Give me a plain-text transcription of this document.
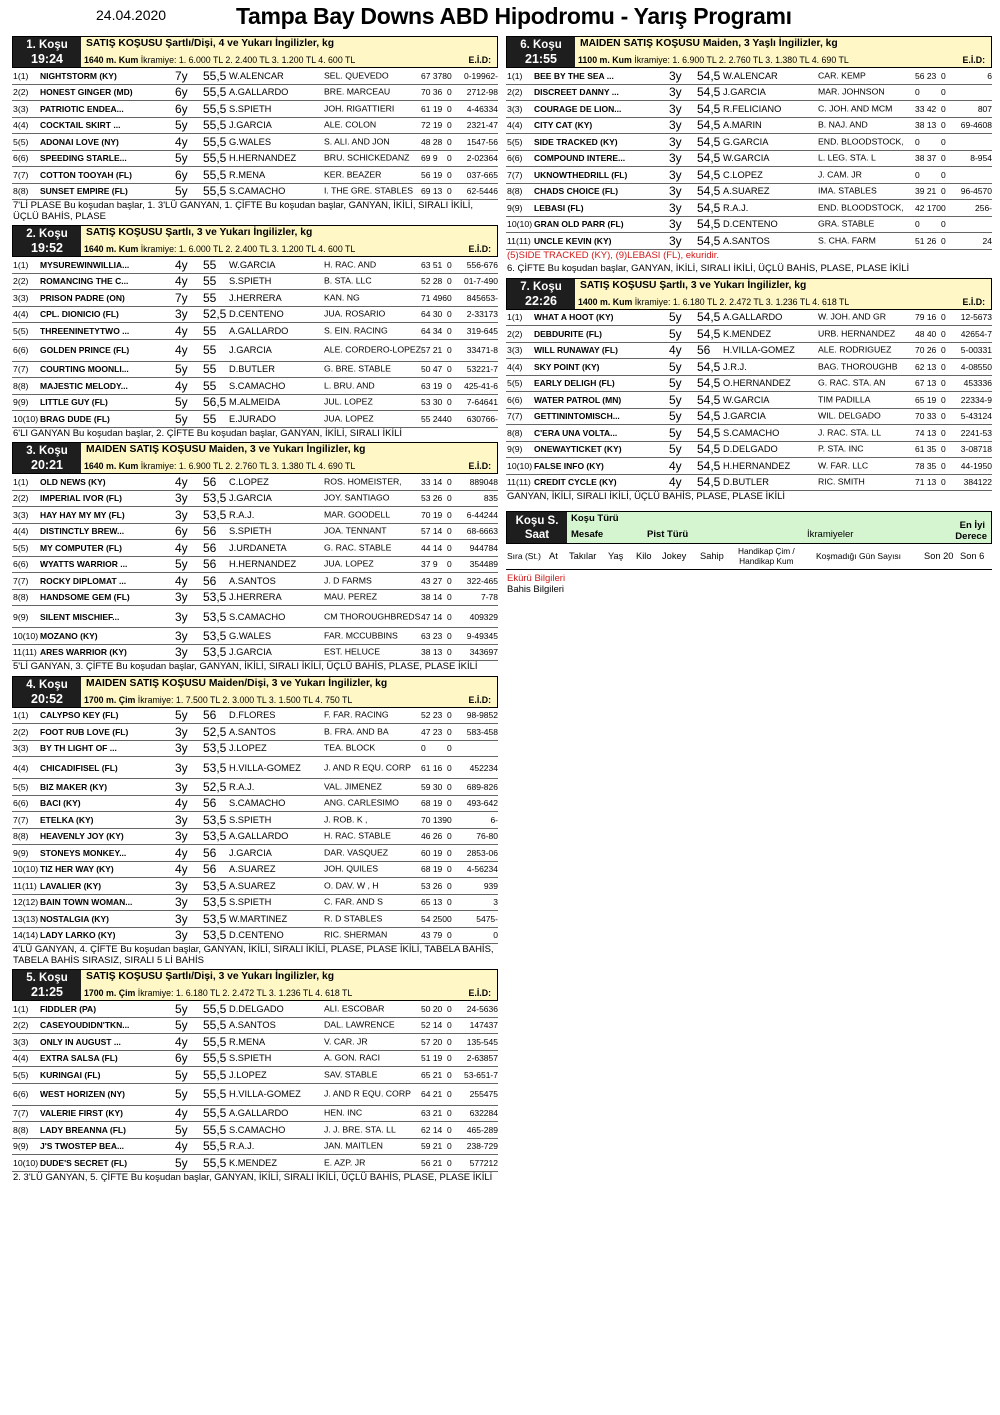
24.04.2020	Tampa Bay Downs ABD Hipodromu - Yarış Programı
1. Koşu
19:24
SATIŞ KOŞUSU Şartlı/Dişi, 4 ve Yukarı İngilizler, kg
1640 m. Kum İkramiye: 1. 6.000 TL 2. 2.400 TL 3. 1.200 TL 4. 600 TL	E.İ.D:
1(1) NIGHTSTORM (KY)	7y 55,5 W.ALENCAR	SEL. QUEVEDO	67 378 0	0-19962-
2(2) HONEST GINGER (MD)	6y 55,5 A.GALLARDO	BRE. MARCEAU	70 36 0	2712-98
3(3) PATRIOTIC ENDEA...	6y 55,5 S.SPIETH	JOH. RIGATTIERI	61 19 0	4-46334
4(4) COCKTAIL SKIRT ...	5y 55,5 J.GARCIA	ALE. COLON	72 19 0	2321-47
5(5) ADONAI LOVE (NY)	4y 55,5 G.WALES	S. ALI. AND JON	48 28 0	1547-56
6(6) SPEEDING STARLE...	5y 55,5 H.HERNANDEZ	BRU. SCHICKEDANZ	69 9	0	2-02364
7(7) COTTON TOOYAH (FL)	6y 55,5 R.MENA	KER. BEAZER	56 19 0	037-665
8(8) SUNSET EMPIRE (FL)	5y 55,5 S.CAMACHO	I. THE GRE. STABLES 69 13 0	62-5446
7'Lİ PLASE Bu koşudan başlar, 1. 3'LÜ GANYAN, 1. ÇİFTE Bu koşudan başlar, GANYAN, İKİLİ, SIRALI İKİLİ, ÜÇLÜ BAHİS, PLASE
2. Koşu
19:52
SATIŞ KOŞUSU Şartlı, 3 ve Yukarı İngilizler, kg
1640 m. Kum İkramiye: 1. 6.000 TL 2. 2.400 TL 3. 1.200 TL 4. 600 TL	E.İ.D:
1(1) MYSUREWINWILLIA...	4y 55 W.GARCIA	H. RAC. AND	63 51 0	556-676
2(2) ROMANCING THE C...	4y 55 S.SPIETH	B. STA. LLC	52 28 0	01-7-490
3(3) PRISON PADRE (ON)	7y 55 J.HERRERA	KAN. NG	71 496 0	845653-
4(4) CPL. DIONICIO (FL)	3y 52,5 D.CENTENO	JUA. ROSARIO	64 30 0	2-33173
5(5) THREENINETYTWO ...	4y 55 A.GALLARDO	S. EIN. RACING	64 34 0	319-645
6(6) GOLDEN PRINCE (FL)	4y 55 J.GARCIA	ALE. CORDERO-LOPEZ 57 21 0	33471-8
7(7) COURTING MOONLI...	5y 55 D.BUTLER	G. BRE. STABLE	50 47 0	53221-7
8(8) MAJESTIC MELODY...	4y 55 S.CAMACHO	L. BRU. AND	63 19 0	425-41-6
9(9) LITTLE GUY (FL)	5y 56,5 M.ALMEIDA	JUL. LOPEZ	53 30 0	7-64641
10(10) BRAG DUDE (FL)	5y 55 E.JURADO	JUA. LOPEZ	55 244 0	630766-
6'LI GANYAN Bu koşudan başlar, 2. ÇİFTE Bu koşudan başlar, GANYAN, İKİLİ, SIRALI İKİLİ
3. Koşu
20:21
MAIDEN SATIŞ KOŞUSU Maiden, 3 ve Yukarı İngilizler, kg
1640 m. Kum İkramiye: 1. 6.900 TL 2. 2.760 TL 3. 1.380 TL 4. 690 TL	E.İ.D:
1(1) OLD NEWS (KY)	4y 56 C.LOPEZ	ROS. HOMEISTER,	33 14 0	889048
2(2) IMPERIAL IVOR (FL)	3y 53,5 J.GARCIA	JOY. SANTIAGO	53 26 0	835
3(3) HAY HAY MY MY (FL)	3y 53,5 R.A.J.	MAR. GOODELL	70 19 0	6-44244
4(4) DISTINCTLY BREW...	6y 56 S.SPIETH	JOA. TENNANT	57 14 0	68-6663
5(5) MY COMPUTER (FL)	4y 56 J.URDANETA	G. RAC. STABLE	44 14 0	944784
6(6) WYATTS WARRIOR ...	5y 56 H.HERNANDEZ	JUA. LOPEZ	37 9	0	354489
7(7) ROCKY DIPLOMAT ...	4y 56 A.SANTOS	J. D FARMS	43 27 0	322-465
8(8) HANDSOME GEM (FL)	3y 53,5 J.HERRERA	MAU. PEREZ	38 14 0	7-78
9(9) SILENT MISCHIEF...	3y 53,5 S.CAMACHO	CM THOROUGHBREDS 47 14 0	409329
10(10) MOZANO (KY)	3y 53,5 G.WALES	FAR. MCCUBBINS	63 23 0	9-49345
11(11) ARES WARRIOR (KY)	3y 53,5 J.GARCIA	EST. HELUCE	38 13 0	343697
5'Lİ GANYAN, 3. ÇİFTE Bu koşudan başlar, GANYAN, İKİLİ, SIRALI İKİLİ, ÜÇLÜ BAHİS, PLASE, PLASE İKİLİ
4. Koşu
20:52
MAIDEN SATIŞ KOŞUSU Maiden/Dişi, 3 ve Yukarı İngilizler, kg
1700 m. Çim İkramiye: 1. 7.500 TL 2. 3.000 TL 3. 1.500 TL 4. 750 TL	E.İ.D:
1(1) CALYPSO KEY (FL)	5y 56 D.FLORES	F. FAR. RACING	52 23 0	98-9852
2(2) FOOT RUB LOVE (FL)	3y 52,5 A.SANTOS	B. FRA. AND BA	47 23 0	583-458
3(3) BY TH LIGHT OF ...	3y 53,5 J.LOPEZ	TEA. BLOCK	0	0
4(4) CHICADIFISEL (FL)	3y 53,5 H.VILLA-GOMEZ	J. AND R EQU. CORP	61 16 0	452234
5(5) BIZ MAKER (KY)	3y 52,5 R.A.J.	VAL. JIMENEZ	59 30 0	689-826
6(6) BACI (KY)	4y 56 S.CAMACHO	ANG. CARLESIMO	68 19 0	493-642
7(7) ETELKA (KY)	3y 53,5 S.SPIETH	J. ROB. K ,	70 139 0	6-
8(8) HEAVENLY JOY (KY)	3y 53,5 A.GALLARDO	H. RAC. STABLE	46 26 0	76-80
9(9) STONEYS MONKEY...	4y 56 J.GARCIA	DAR. VASQUEZ	60 19 0	2853-06
10(10) TIZ HER WAY (KY)	4y 56 A.SUAREZ	JOH. QUILES	68 19 0	4-56234
11(11) LAVALIER (KY)	3y 53,5 A.SUAREZ	O. DAV. W , H	53 26 0	939
12(12) BAIN TOWN WOMAN...	3y 53,5 S.SPIETH	C. FAR. AND S	65 13 0	3
13(13) NOSTALGIA (KY)	3y 53,5 W.MARTINEZ	R. D STABLES	54 250 0	5475-
14(14) LADY LARKO (KY)	3y 53,5 D.CENTENO	RIC. SHERMAN	43 79 0	0
4'LÜ GANYAN, 4. ÇİFTE Bu koşudan başlar, GANYAN, İKİLİ, SIRALI İKİLİ, PLASE, PLASE İKİLİ, TABELA BAHİS, TABELA BAHİS SIRASIZ, SIRALI 5 Lİ BAHİS
5. Koşu
21:25
SATIŞ KOŞUSU Şartlı/Dişi, 3 ve Yukarı İngilizler, kg
1700 m. Çim İkramiye: 1. 6.180 TL 2. 2.472 TL 3. 1.236 TL 4. 618 TL	E.İ.D:
1(1) FIDDLER (PA)	5y 55,5 D.DELGADO	ALI. ESCOBAR	50 20 0	24-5636
2(2) CASEYOUDIDN'TKN...	5y 55,5 A.SANTOS	DAL. LAWRENCE	52 14 0	147437
3(3) ONLY IN AUGUST ...	4y 55,5 R.MENA	V. CAR. JR	57 20 0	135-545
4(4) EXTRA SALSA (FL)	6y 55,5 S.SPIETH	A. GON. RACI	51 19 0	2-63857
5(5) KURINGAI (FL)	5y 55,5 J.LOPEZ	SAV. STABLE	65 21 0	53-651-7
6(6) WEST HORIZEN (NY)	5y 55,5 H.VILLA-GOMEZ	J. AND R EQU. CORP	64 21 0	255475
7(7) VALERIE FIRST (KY)	4y 55,5 A.GALLARDO	HEN. INC	63 21 0	632284
8(8) LADY BREANNA (FL)	5y 55,5 S.CAMACHO	J. J. BRE. STA. LL	62 14 0	465-289
9(9) J'S TWOSTEP BEA...	4y 55,5 R.A.J.	JAN. MAITLEN	59 21 0	238-729
10(10) DUDE'S SECRET (FL)	5y 55,5 K.MENDEZ	E. AZP. JR	56 21 0	577212
2. 3'LÜ GANYAN, 5. ÇİFTE Bu koşudan başlar, GANYAN, İKİLİ, SIRALI İKİLİ, ÜÇLÜ BAHİS, PLASE, PLASE İKİLİ
6. Koşu
21:55
MAIDEN SATIŞ KOŞUSU Maiden, 3 Yaşlı İngilizler, kg
1100 m. Kum İkramiye: 1. 6.900 TL 2. 2.760 TL 3. 1.380 TL 4. 690 TL	E.İ.D:
1(1) BEE BY THE SEA ...	3y 54,5 W.ALENCAR	CAR. KEMP	56 23 0	6
2(2) DISCREET DANNY ...	3y 54,5 J.GARCIA	MAR. JOHNSON	0	0
3(3) COURAGE DE LION...	3y 54,5 R.FELICIANO	C. JOH. AND MCM	33 42 0	807
4(4) CITY CAT (KY)	3y 54,5 A.MARIN	B. NAJ. AND	38 13 0	69-4608
5(5) SIDE TRACKED (KY)	3y 54,5 G.GARCIA	END. BLOODSTOCK,	0	0
6(6) COMPOUND INTERE...	3y 54,5 W.GARCIA	L. LEG. STA. L	38 37 0	8-954
7(7) UKNOWTHEDRILL (FL)	3y 54,5 C.LOPEZ	J. CAM. JR	0	0
8(8) CHADS CHOICE (FL)	3y 54,5 A.SUAREZ	IMA. STABLES	39 21 0	96-4570
9(9) LEBASI (FL)	3y 54,5 R.A.J.	END. BLOODSTOCK,	42 170 0	256-
10(10) GRAN OLD PARR (FL)	3y 54,5 D.CENTENO	GRA. STABLE	0	0
11(11) UNCLE KEVIN (KY)	3y 54,5 A.SANTOS	S. CHA. FARM	51 26 0	24
(5)SIDE TRACKED (KY), (9)LEBASI (FL), ekuridir.
6. ÇİFTE Bu koşudan başlar, GANYAN, İKİLİ, SIRALI İKİLİ, ÜÇLÜ BAHİS, PLASE, PLASE İKİLİ
7. Koşu
22:26
SATIŞ KOŞUSU Şartlı, 3 ve Yukarı İngilizler, kg
1400 m. Kum İkramiye: 1. 6.180 TL 2. 2.472 TL 3. 1.236 TL 4. 618 TL	E.İ.D:
1(1) WHAT A HOOT (KY)	5y 54,5 A.GALLARDO	W. JOH. AND GR	79 16 0	12-5673
2(2) DEBDURITE (FL)	5y 54,5 K.MENDEZ	URB. HERNANDEZ	48 40 0	42654-7
3(3) WILL RUNAWAY (FL)	4y 56 H.VILLA-GOMEZ	ALE. RODRIGUEZ	70 26 0	5-00331
4(4) SKY POINT (KY)	5y 54,5 J.R.J.	BAG. THOROUGHB	62 13 0	4-08550
5(5) EARLY DELIGH (FL)	5y 54,5 O.HERNANDEZ	G. RAC. STA. AN	67 13 0	453336
6(6) WATER PATROL (MN)	5y 54,5 W.GARCIA	TIM PADILLA	65 19 0	22334-9
7(7) GETTININTOMISCH...	5y 54,5 J.GARCIA	WIL. DELGADO	70 33 0	5-43124
8(8) C'ERA UNA VOLTA...	5y 54,5 S.CAMACHO	J. RAC. STA. LL	74 13 0	2241-53
9(9) ONEWAYTICKET (KY)	5y 54,5 D.DELGADO	P. STA. INC	61 35 0	3-08718
10(10) FALSE INFO (KY)	4y 54,5 H.HERNANDEZ	W. FAR. LLC	78 35 0	44-1950
11(11) CREDIT CYCLE (KY)	4y 54,5 D.BUTLER	RIC. SMITH	71 13 0	384122
GANYAN, İKİLİ, SIRALI İKİLİ, ÜÇLÜ BAHİS, PLASE, PLASE İKİLİ
Koşu S.
Saat
Koşu Türü
Mesafe	Pist Türü	İkramiyeler
En İyi
Derece
Sıra (St.) At Takılar Yaş Kilo Jokey Sahip Handikap Çim /
Handikap Kum	Koşmadığı Gün Sayısı Son 20 Son 6
Ekürü Bilgileri
Bahis Bilgileri
